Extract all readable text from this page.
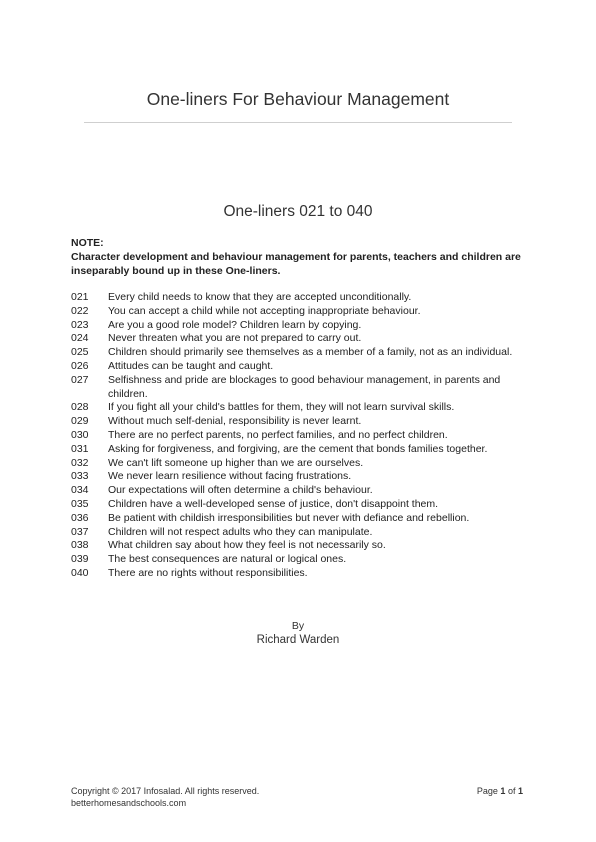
One-liners For Behaviour Management
One-liners 021 to 040
NOTE:
Character development and behaviour management for parents, teachers and children are inseparably bound up in these One-liners.
021	Every child needs to know that they are accepted unconditionally.
022	You can accept a child while not accepting inappropriate behaviour.
023	Are you a good role model? Children learn by copying.
024	Never threaten what you are not prepared to carry out.
025	Children should primarily see themselves as a member of a family, not as an individual.
026	Attitudes can be taught and caught.
027	Selfishness and pride are blockages to good behaviour management, in parents and children.
028	If you fight all your child's battles for them, they will not learn survival skills.
029	Without much self-denial, responsibility is never learnt.
030	There are no perfect parents, no perfect families, and no perfect children.
031	Asking for forgiveness, and forgiving, are the cement that bonds families together.
032	We can't lift someone up higher than we are ourselves.
033	We never learn resilience without facing frustrations.
034	Our expectations will often determine a child's behaviour.
035	Children have a well-developed sense of justice, don't disappoint them.
036	Be patient with childish irresponsibilities but never with defiance and rebellion.
037	Children will not respect adults who they can manipulate.
038	What children say about how they feel is not necessarily so.
039	The best consequences are natural or logical ones.
040	There are no rights without responsibilities.
By
Richard Warden
Copyright © 2017 Infosalad. All rights reserved.
betterhomesandschools.com
Page 1 of 1
